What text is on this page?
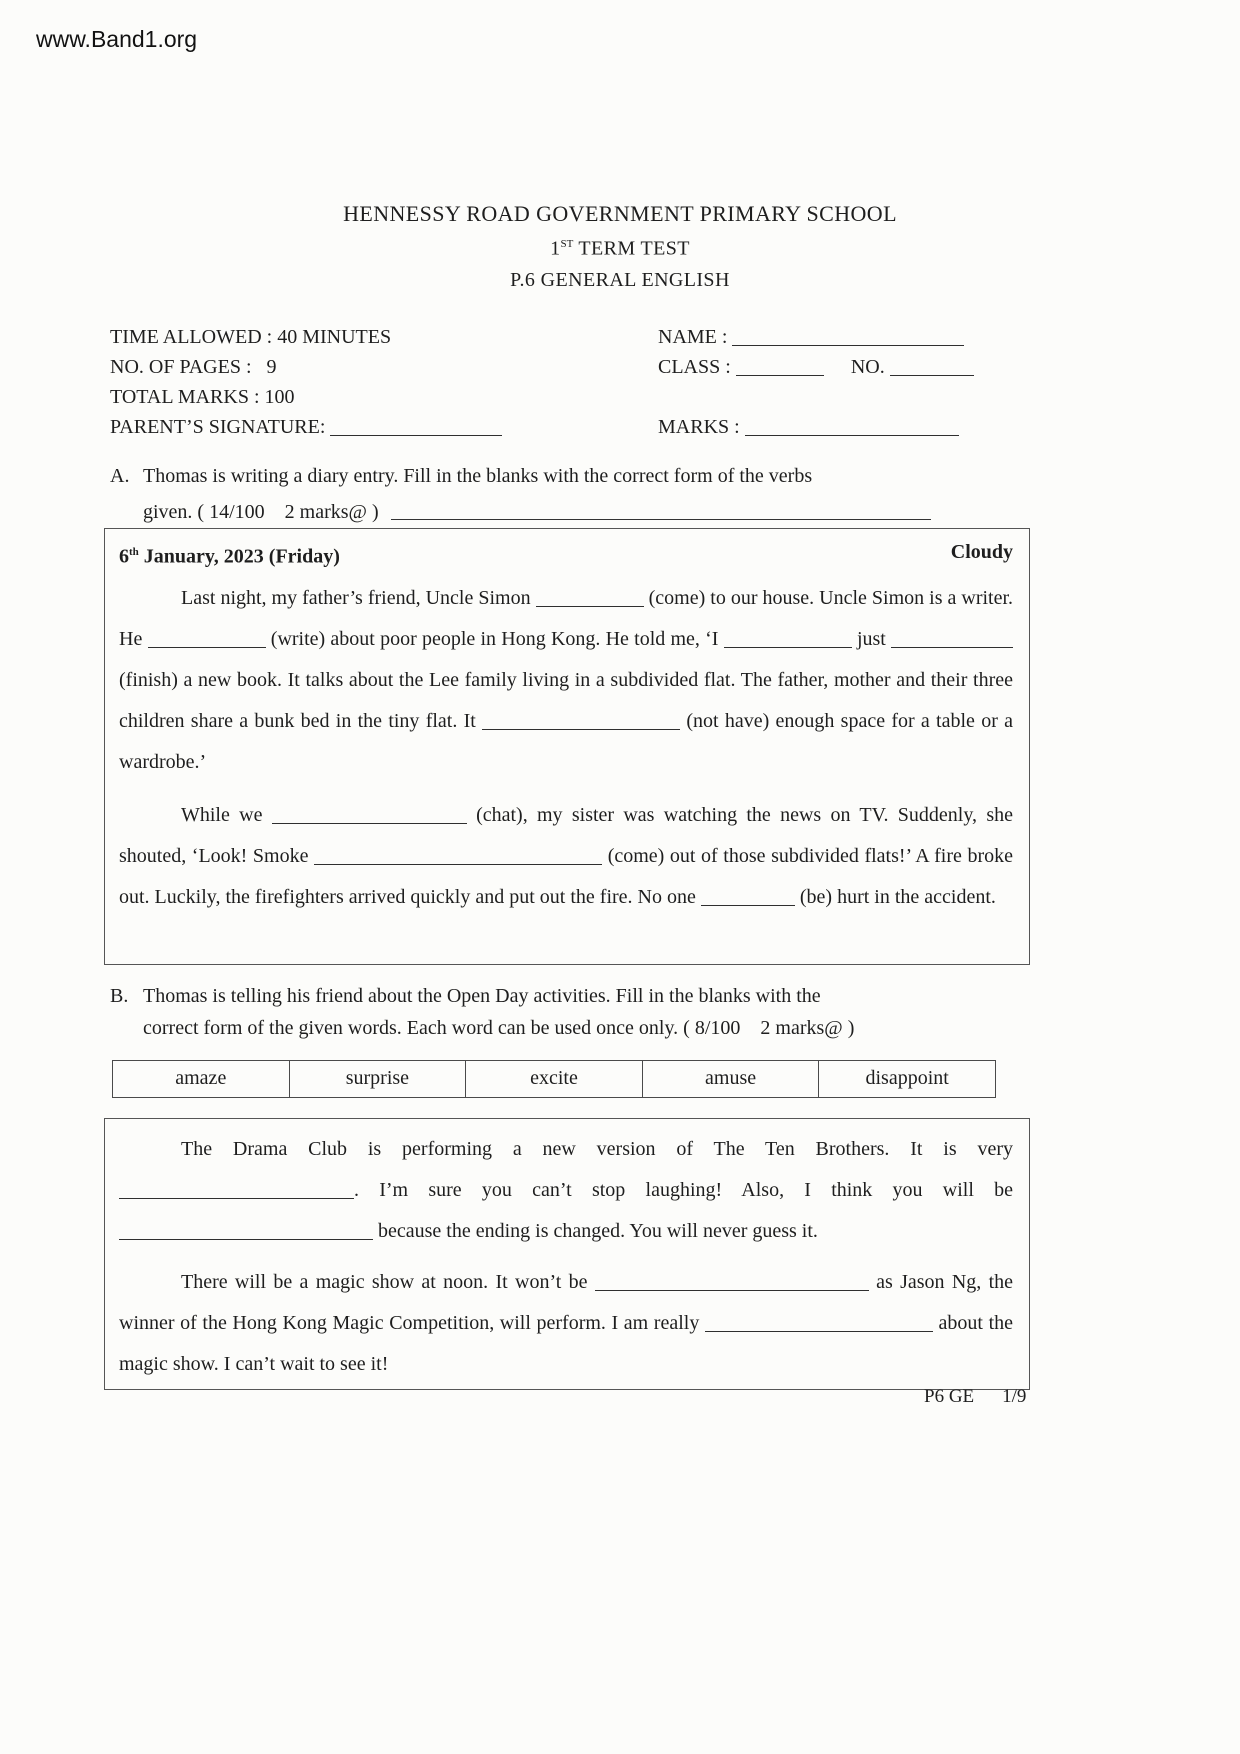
www.Band1.org
HENNESSY ROAD GOVERNMENT PRIMARY SCHOOL
1ST TERM TEST
P.6 GENERAL ENGLISH
TIME ALLOWED : 40 MINUTES
NO. OF PAGES :   9
TOTAL MARKS : 100
PARENT’S SIGNATURE:
NAME :
CLASS :	NO.
MARKS :
A. Thomas is writing a diary entry. Fill in the blanks with the correct form of the verbs
given. ( 14/100    2 marks@ )
6th January, 2023 (Friday)	Cloudy

Last night, my father’s friend, Uncle Simon	(come) to our house. Uncle Simon is a writer. He	(write) about poor people in Hong Kong. He told me, ‘I	just  (finish) a new book. It talks about the Lee family living in a subdivided flat. The father, mother and their three children share a bunk bed in the tiny flat. It	(not have) enough space for a table or a wardrobe.’

While we	(chat), my sister was watching the news on TV. Suddenly, she shouted, ‘Look! Smoke	(come) out of those subdivided flats!’ A fire broke out. Luckily, the firefighters arrived quickly and put out the fire. No one	(be) hurt in the accident.

B. Thomas is telling his friend about the Open Day activities. Fill in the blanks with the
correct form of the given words. Each word can be used once only. ( 8/100    2 marks@ )
amaze	surprise	excite	amuse	disappoint

The Drama Club is performing a new version of The Ten Brothers. It is very . I’m sure you can’t stop laughing! Also, I think you will be  because the ending is changed. You will never guess it.

There will be a magic show at noon. It won’t be	as Jason Ng, the winner of the Hong Kong Magic Competition, will perform. I am really	about the magic show. I can’t wait to see it!

P6 GE 1/9
